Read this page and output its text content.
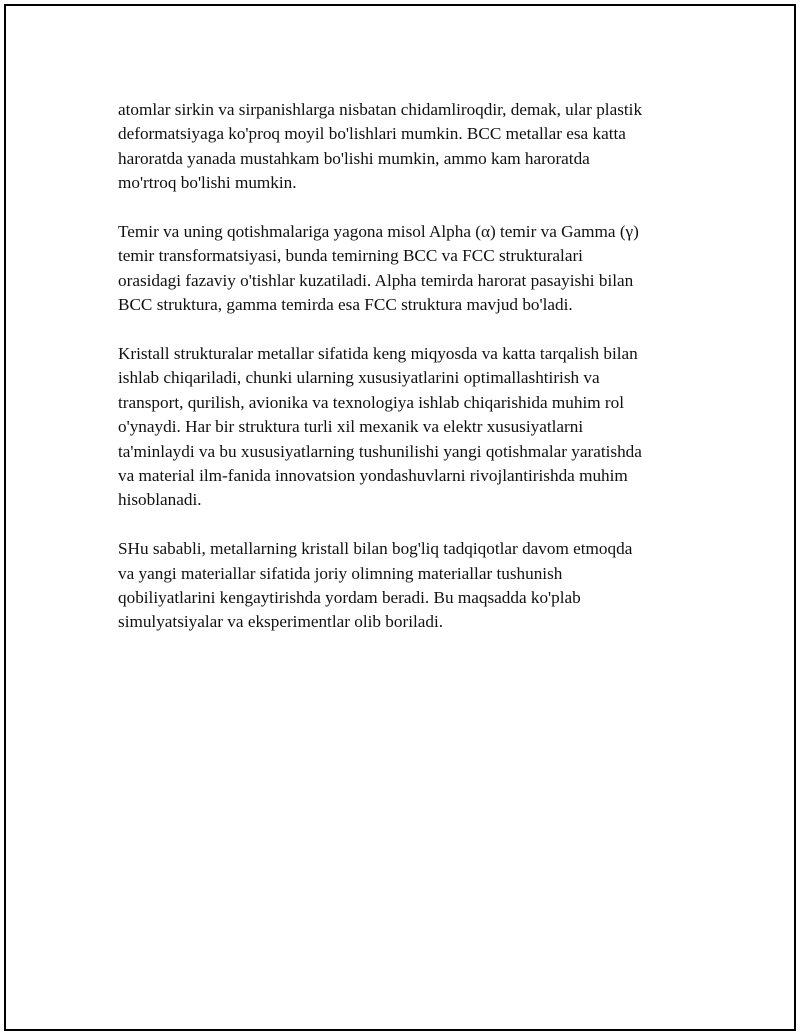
atomlar sirkin va sirpanishlarga nisbatan chidamliroqdir, demak, ular plastik
deformatsiyaga ko'proq moyil bo'lishlari mumkin. BCC metallar esa katta
haroratda yanada mustahkam bo'lishi mumkin, ammo kam haroratda
mo'rtroq bo'lishi mumkin.

Temir va uning qotishmalariga yagona misol Alpha (α) temir va Gamma (γ)
temir transformatsiyasi, bunda temirning BCC va FCC strukturalari
orasidagi fazaviy o'tishlar kuzatiladi. Alpha temirda harorat pasayishi bilan
BCC struktura, gamma temirda esa FCC struktura mavjud bo'ladi.

Kristall strukturalar metallar sifatida keng miqyosda va katta tarqalish bilan
ishlab chiqariladi, chunki ularning xususiyatlarini optimallashtirish va
transport, qurilish, avionika va texnologiya ishlab chiqarishida muhim rol
o'ynaydi. Har bir struktura turli xil mexanik va elektr xususiyatlarni
ta'minlaydi va bu xususiyatlarning tushunilishi yangi qotishmalar yaratishda
va material ilm-fanida innovatsion yondashuvlarni rivojlantirishda muhim
hisoblanadi.

SHu sababli, metallarning kristall bilan bog'liq tadqiqotlar davom etmoqda
va yangi materiallar sifatida joriy olimning materiallar tushunish
qobiliyatlarini kengaytirishda yordam beradi. Bu maqsadda ko'plab
simulyatsiyalar va eksperimentlar olib boriladi.
